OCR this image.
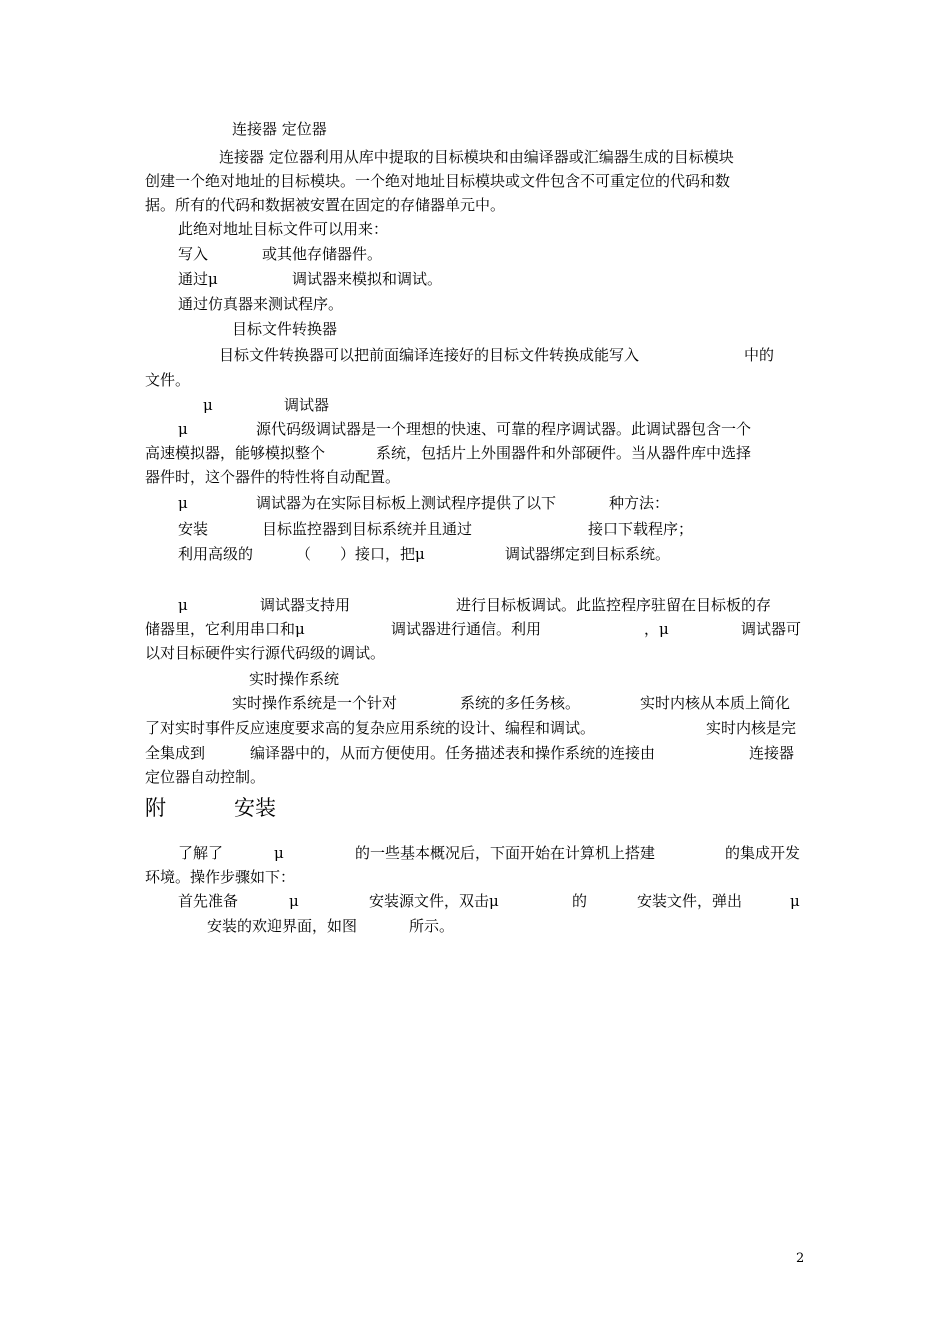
连接器 定位器
连接器 定位器利用从库中提取的目标模块和由编译器或汇编器生成的目标模块
创建一个绝对地址的目标模块。一个绝对地址目标模块或文件包含不可重定位的代码和数
据。所有的代码和数据被安置在固定的存储器单元中。
此绝对地址目标文件可以用来：
写入	或其他存储器件。
通过μ	调试器来模拟和调试。
通过仿真器来测试程序。
目标文件转换器
目标文件转换器可以把前面编译连接好的目标文件转换成能写入	中的
文件。
μ	调试器
μ	源代码级调试器是一个理想的快速、可靠的程序调试器。此调试器包含一个
高速模拟器，能够模拟整个	系统，包括片上外围器件和外部硬件。当从器件库中选择
器件时，这个器件的特性将自动配置。
μ	调试器为在实际目标板上测试程序提供了以下	种方法：
安装	目标监控器到目标系统并且通过	接口下载程序；
利用高级的	（ ）接口，把μ	调试器绑定到目标系统。
μ	调试器支持用	进行目标板调试。此监控程序驻留在目标板的存
储器里，它利用串口和μ	调试器进行通信。利用	，μ	调试器可
以对目标硬件实行源代码级的调试。
实时操作系统
实时操作系统是一个针对	系统的多任务核。	实时内核从本质上简化
了对实时事件反应速度要求高的复杂应用系统的设计、编程和调试。	实时内核是完
全集成到	编译器中的，从而方便使用。任务描述表和操作系统的连接由	连接器
定位器自动控制。
附	安装
了解了	μ	的一些基本概况后，下面开始在计算机上搭建	的集成开发
环境。操作步骤如下：
首先准备	μ	安装源文件，双击μ	的	安装文件，弹出	μ
安装的欢迎界面，如图	所示。
2
